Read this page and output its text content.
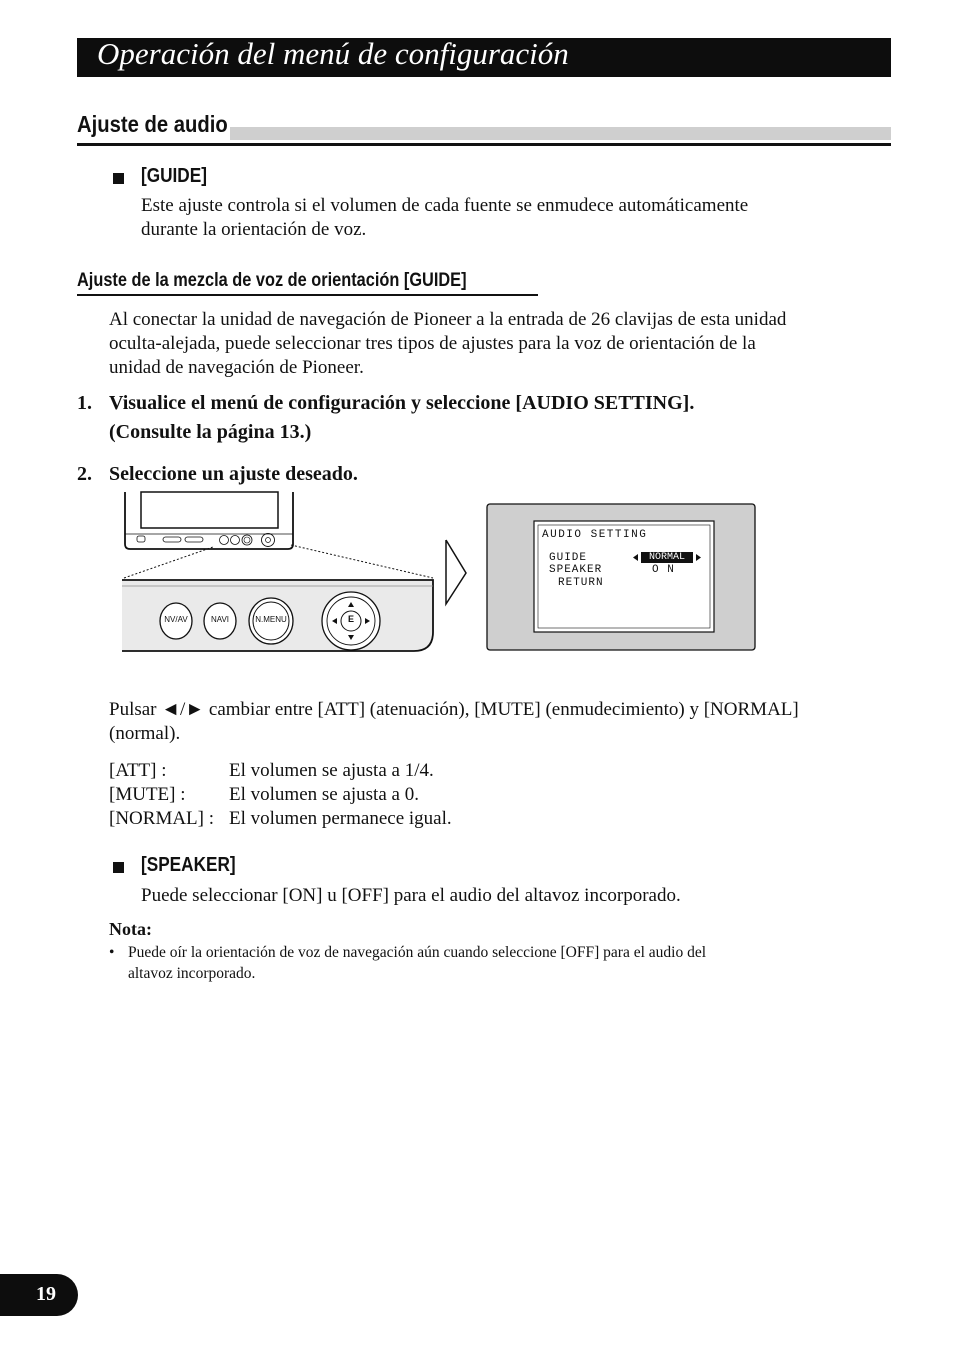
Operación del menú de configuración
Ajuste de audio
[GUIDE]
Este ajuste controla si el volumen de cada fuente se enmudece automáticamente
durante la orientación de voz.
Ajuste de la mezcla de voz de orientación [GUIDE]
Al conectar la unidad de navegación de Pioneer a la entrada de 26 clavijas de esta unidad
oculta-alejada, puede seleccionar tres tipos de ajustes para la voz de orientación de la
unidad de navegación de Pioneer.
1. Visualice el menú de configuración y seleccione [AUDIO SETTING].
(Consulte la página 13.)
2. Seleccione un ajuste deseado.
NV/AV	NAVI	N.MENU	E
AUDIO SETTING
GUIDE	NORMAL
SPEAKER	O N
RETURN
Pulsar ◄/► cambiar entre [ATT] (atenuación), [MUTE] (enmudecimiento) y [NORMAL]
(normal).
[ATT] :	El volumen se ajusta a 1/4.
[MUTE] : El volumen se ajusta a 0.
[NORMAL] : El volumen permanece igual.
[SPEAKER]
Puede seleccionar [ON] u [OFF] para el audio del altavoz incorporado.
Nota:
• Puede oír la orientación de voz de navegación aún cuando seleccione [OFF] para el audio del
altavoz incorporado.
19
